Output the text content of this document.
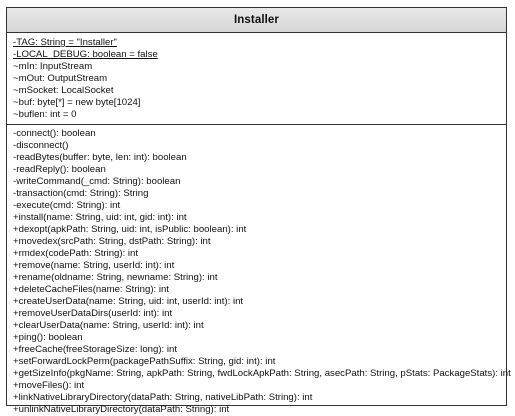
Installer
-TAG: String = "Installer"
-LOCAL_DEBUG: boolean = false
~mIn: InputStream
~mOut: OutputStream
~mSocket: LocalSocket
~buf: byte[*] = new byte[1024]
~buflen: int = 0
-connect(): boolean
-disconnect()
-readBytes(buffer: byte, len: int): boolean
-readReply(): boolean
-writeCommand(_cmd: String): boolean
-transaction(cmd: String): String
-execute(cmd: String): int
+install(name: String, uid: int, gid: int): int
+dexopt(apkPath: String, uid: int, isPublic: boolean): int
+movedex(srcPath: String, dstPath: String): int
+rmdex(codePath: String): int
+remove(name: String, userId: int): int
+rename(oldname: String, newname: String): int
+deleteCacheFiles(name: String): int
+createUserData(name: String, uid: int, userId: int): int
+removeUserDataDirs(userId: int): int
+clearUserData(name: String, userId: int): int
+ping(): boolean
+freeCache(freeStorageSize: long): int
+setForwardLockPerm(packagePathSuffix: String, gid: int): int
+getSizeInfo(pkgName: String, apkPath: String, fwdLockApkPath: String, asecPath: String, pStats: PackageStats): int
+moveFiles(): int
+linkNativeLibraryDirectory(dataPath: String, nativeLibPath: String): int
+unlinkNativeLibraryDirectory(dataPath: String): int
